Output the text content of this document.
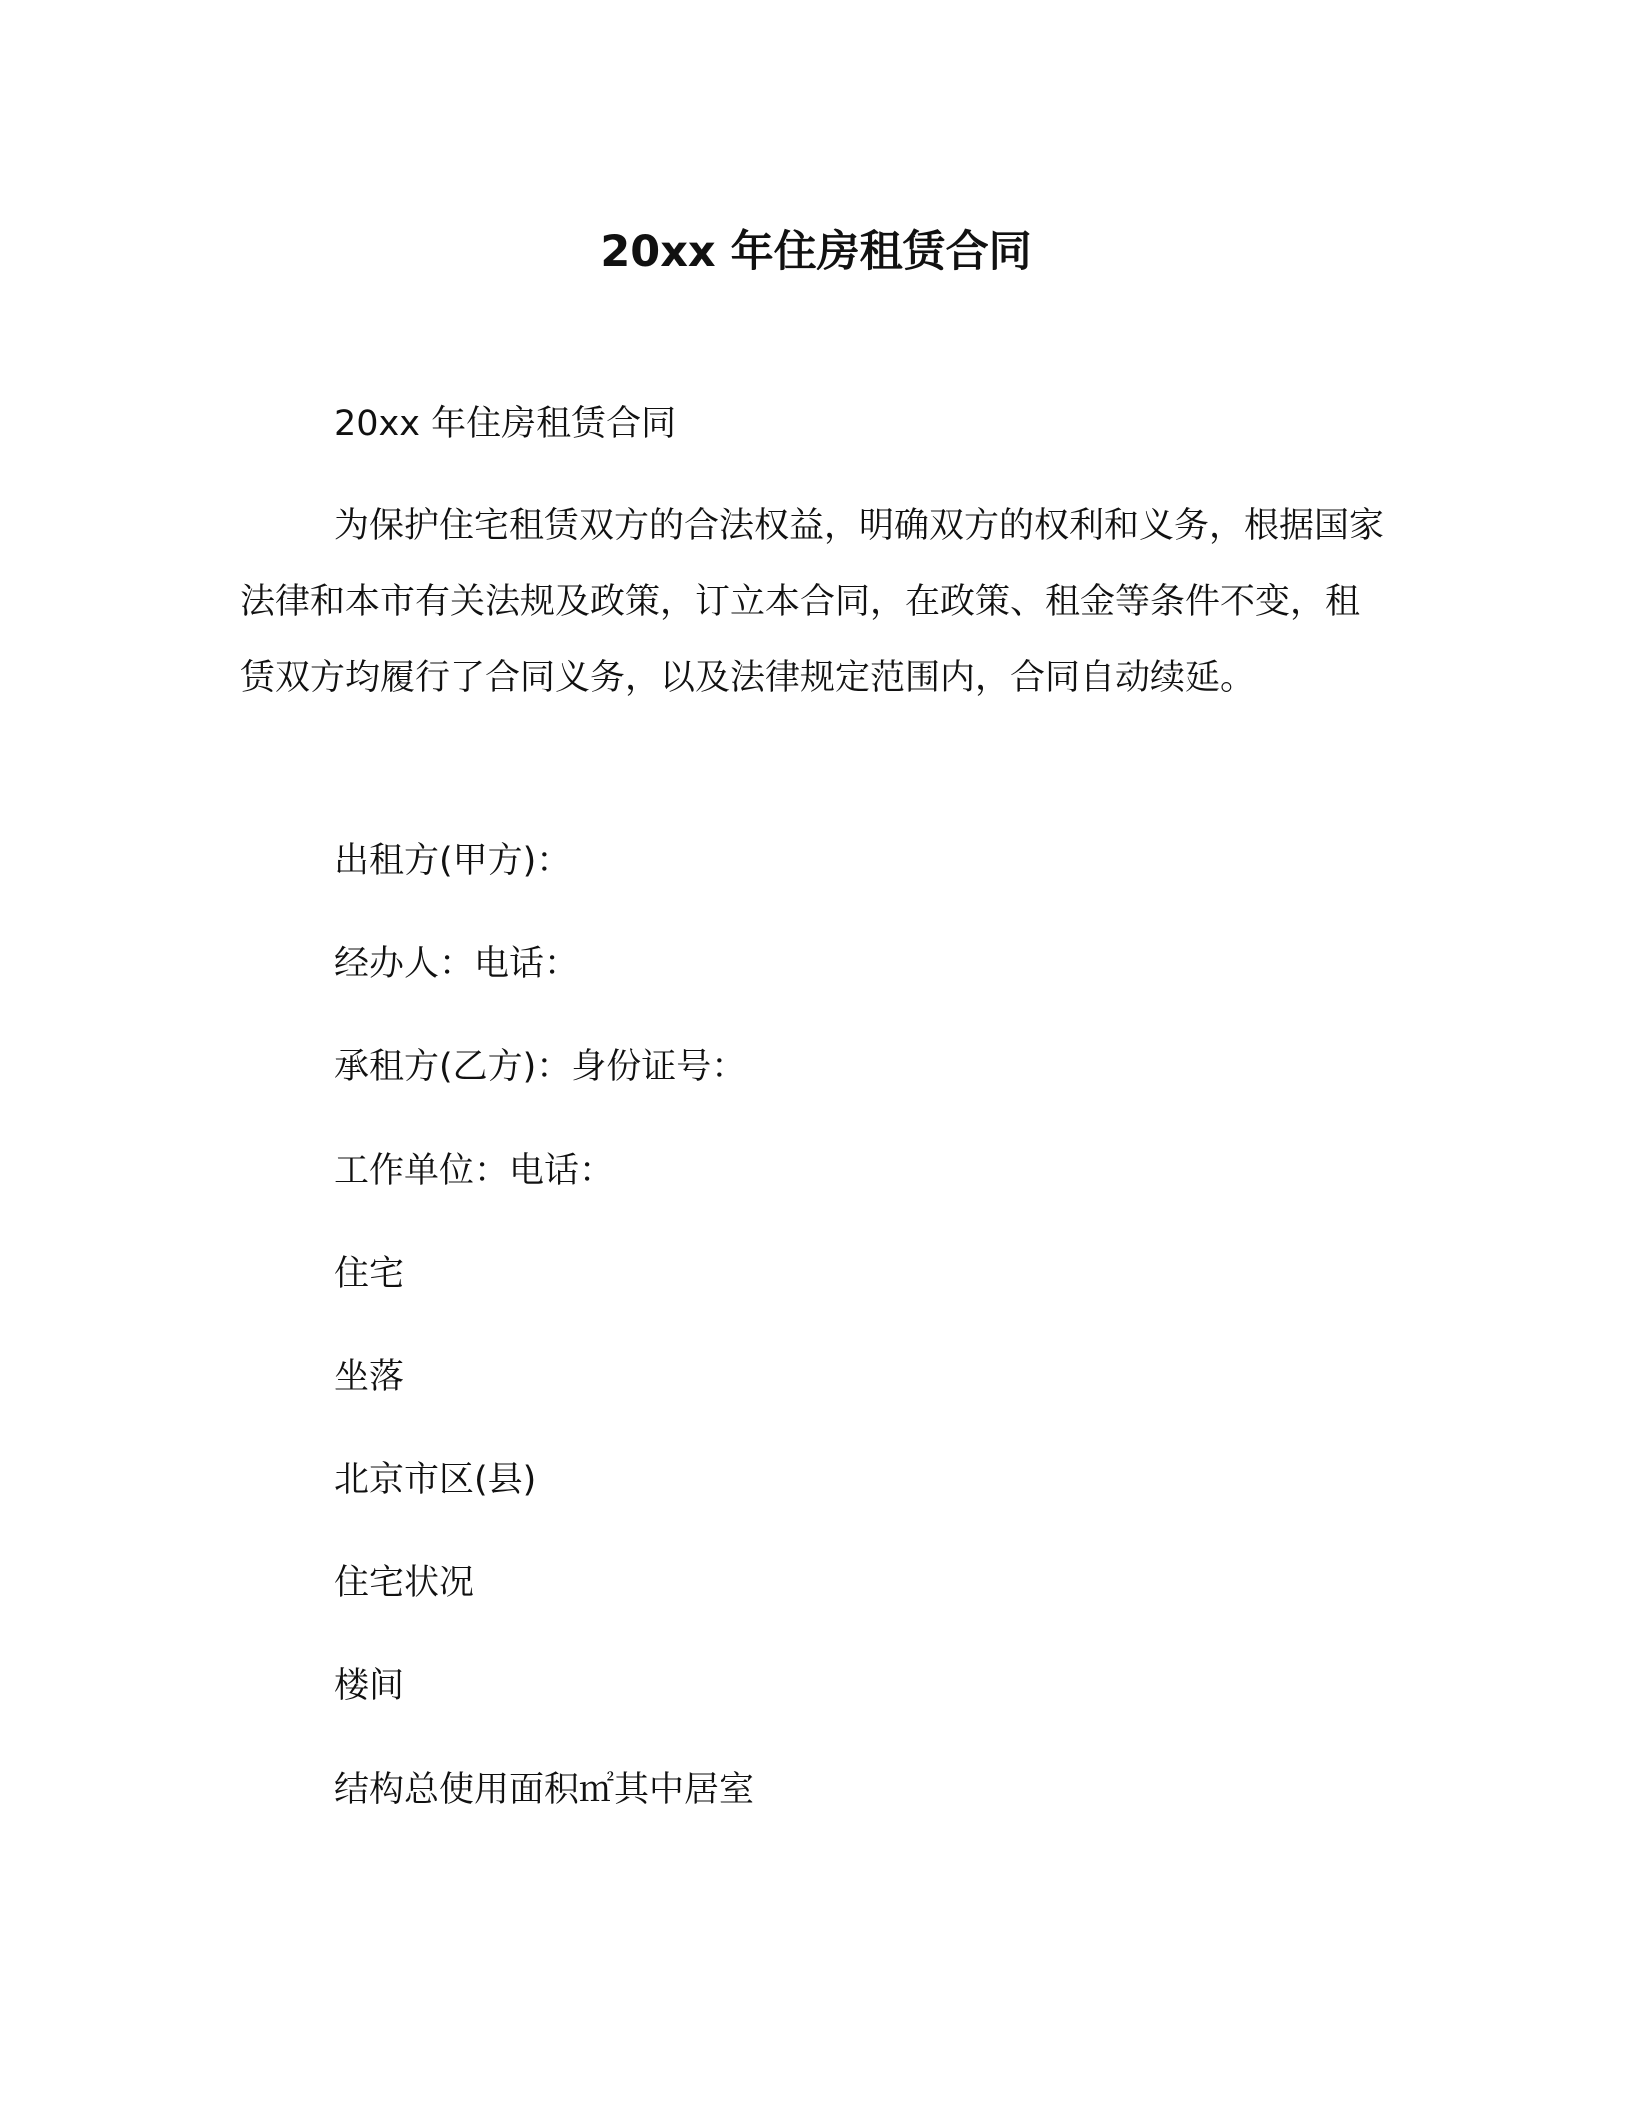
20xx 年住房租赁合同

20xx 年住房租赁合同

为保护住宅租赁双方的合法权益，明确双方的权利和义务，根据国家法律和本市有关法规及政策，订立本合同，在政策、租金等条件不变，租赁双方均履行了合同义务，以及法律规定范围内，合同自动续延。

出租方(甲方)：

经办人：电话：

承租方(乙方)：身份证号：

工作单位：电话：

住宅

坐落

北京市区(县)

住宅状况

楼间

结构总使用面积㎡其中居室
